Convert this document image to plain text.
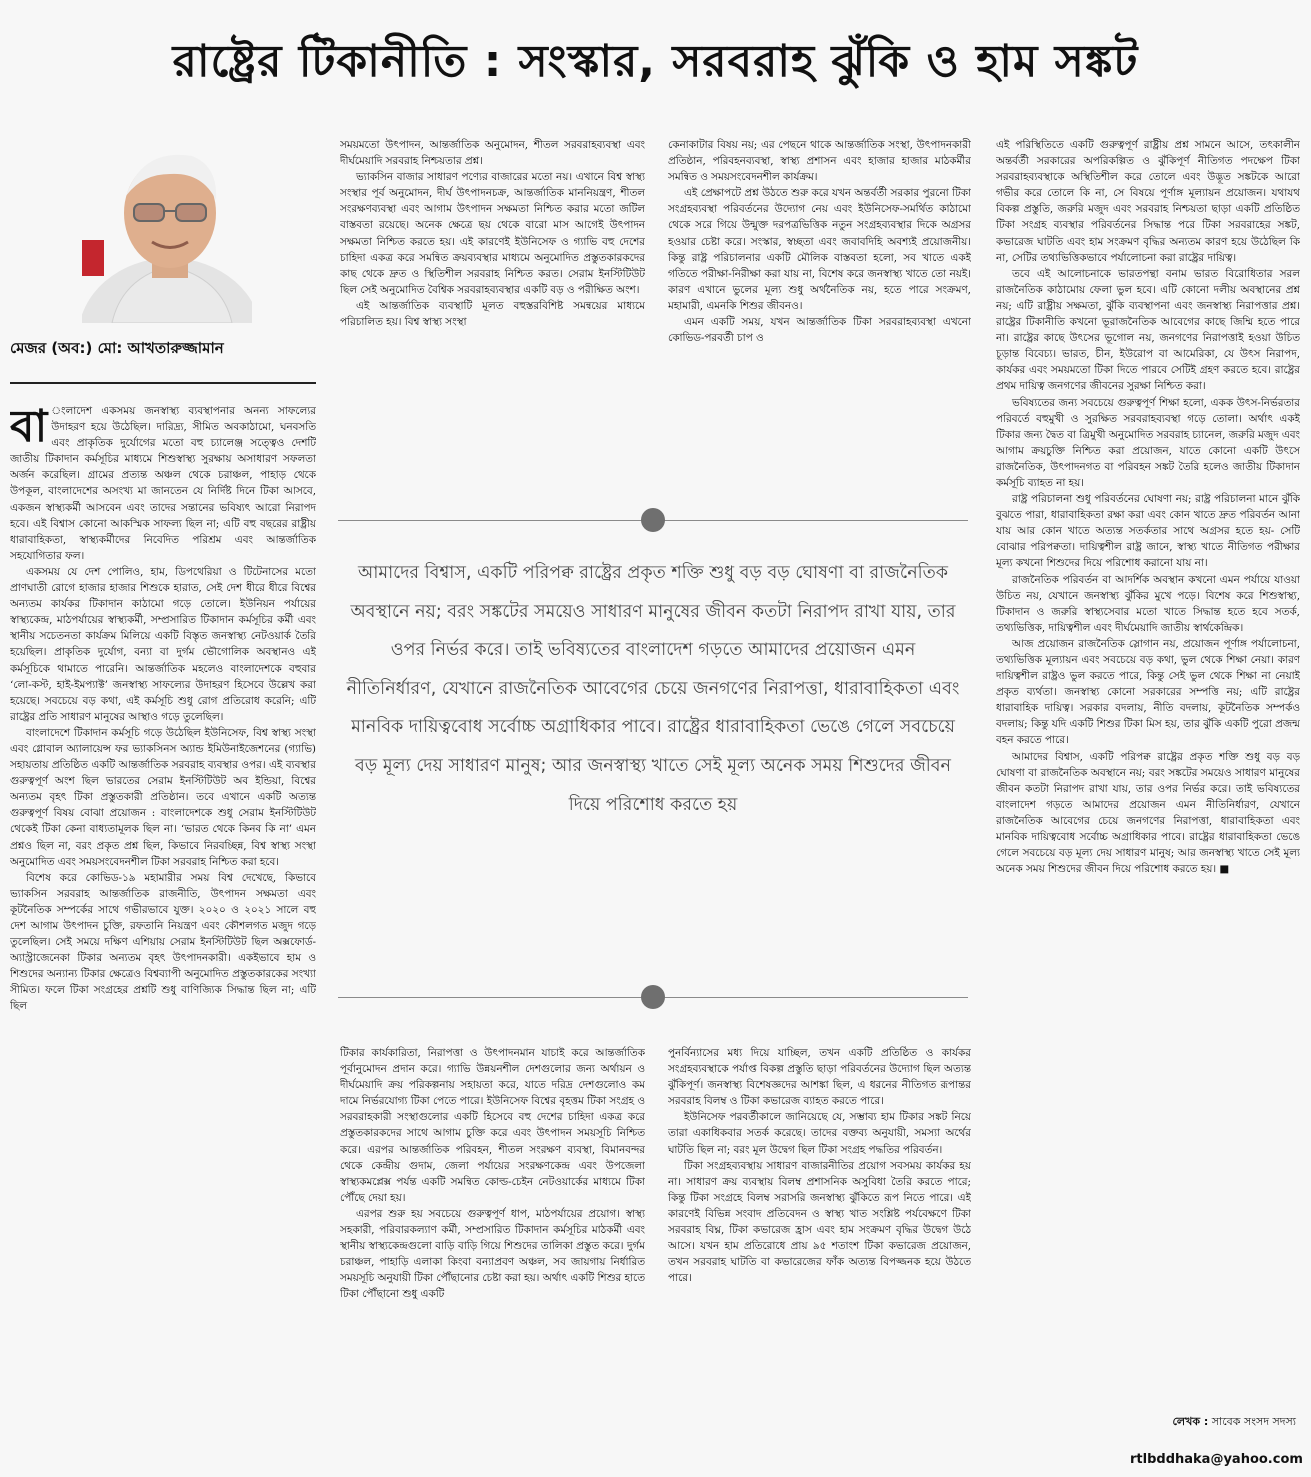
রাষ্ট্রের টিকানীতি : সংস্কার, সরবরাহ ঝুঁকি ও হাম সঙ্কট
মেজর (অব:) মো: আখতারুজ্জামান

বা ংলাদেশ একসময় জনস্বাস্থ্য ব্যবস্থাপনার অনন্য সাফল্যের উদাহরণ হয়ে উঠেছিল। দারিদ্র্য, সীমিত অবকাঠামো, ঘনবসতি এবং প্রাকৃতিক দুর্যোগের মতো বহু চ্যালেঞ্জ সত্ত্বেও দেশটি জাতীয় টিকাদান কর্মসূচির মাধ্যমে শিশুস্বাস্থ্য সুরক্ষায় অসাধারণ সফলতা অর্জন করেছিল। গ্রামের প্রত্যন্ত অঞ্চল থেকে চরাঞ্চল, পাহাড় থেকে উপকূল, বাংলাদেশের অসংখ্য মা জানতেন যে নির্দিষ্ট দিনে টিকা আসবে, একজন স্বাস্থ্যকর্মী আসবেন এবং তাদের সন্তানের ভবিষ্যৎ আরো নিরাপদ হবে। এই বিশ্বাস কোনো আকস্মিক সাফল্য ছিল না; এটি বহু বছরের রাষ্ট্রীয় ধারাবাহিকতা, স্বাস্থ্যকর্মীদের নিবেদিত পরিশ্রম এবং আন্তর্জাতিক সহযোগিতার ফল।

একসময় যে দেশ পোলিও, হাম, ডিপথেরিয়া ও টিটেনাসের মতো প্রাণঘাতী রোগে হাজার হাজার শিশুকে হারাত, সেই দেশ ধীরে ধীরে বিশ্বের অন্যতম কার্যকর টিকাদান কাঠামো গড়ে তোলে। ইউনিয়ন পর্যায়ের স্বাস্থ্যকেন্দ্র, মাঠপর্যায়ের স্বাস্থ্যকর্মী, সম্প্রসারিত টিকাদান কর্মসূচির কর্মী এবং স্থানীয় সচেতনতা কার্যক্রম মিলিয়ে একটি বিস্তৃত জনস্বাস্থ্য নেটওয়ার্ক তৈরি হয়েছিল। প্রাকৃতিক দুর্যোগ, বন্যা বা দুর্গম ভৌগোলিক অবস্থানও এই কর্মসূচিকে থামাতে পারেনি। আন্তর্জাতিক মহলেও বাংলাদেশকে বহুবার ‘লো-কস্ট, হাই-ইমপ্যাক্ট’ জনস্বাস্থ্য সাফল্যের উদাহরণ হিসেবে উল্লেখ করা হয়েছে। সবচেয়ে বড় কথা, এই কর্মসূচি শুধু রোগ প্রতিরোধ করেনি; এটি রাষ্ট্রের প্রতি সাধারণ মানুষের আস্থাও গড়ে তুলেছিল।

বাংলাদেশে টিকাদান কর্মসূচি গড়ে উঠেছিল ইউনিসেফ, বিশ্ব স্বাস্থ্য সংস্থা এবং গ্লোবাল অ্যালায়েন্স ফর ভ্যাকসিনস অ্যান্ড ইমিউনাইজেশনের (গ্যাভি) সহায়তায় প্রতিষ্ঠিত একটি আন্তর্জাতিক সরবরাহ ব্যবস্থার ওপর। এই ব্যবস্থার গুরুত্বপূর্ণ অংশ ছিল ভারতের সেরাম ইনস্টিটিউট অব ইন্ডিয়া, বিশ্বের অন্যতম বৃহৎ টিকা প্রস্তুতকারী প্রতিষ্ঠান। তবে এখানে একটি অত্যন্ত গুরুত্বপূর্ণ বিষয় বোঝা প্রয়োজন : বাংলাদেশকে শুধু সেরাম ইনস্টিটিউট থেকেই টিকা কেনা বাধ্যতামূলক ছিল না। ‘ভারত থেকে কিনব কি না’ এমন প্রশ্নও ছিল না, বরং প্রকৃত প্রশ্ন ছিল, কিভাবে নিরবচ্ছিন্ন, বিশ্ব স্বাস্থ্য সংস্থা অনুমোদিত এবং সময়সংবেদনশীল টিকা সরবরাহ নিশ্চিত করা হবে।

বিশেষ করে কোভিড-১৯ মহামারীর সময় বিশ্ব দেখেছে, কিভাবে ভ্যাকসিন সরবরাহ আন্তর্জাতিক রাজনীতি, উৎপাদন সক্ষমতা এবং কূটনৈতিক সম্পর্কের সাথে গভীরভাবে যুক্ত। ২০২০ ও ২০২১ সালে বহু দেশ আগাম উৎপাদন চুক্তি, রফতানি নিয়ন্ত্রণ এবং কৌশলগত মজুদ গড়ে তুলেছিল। সেই সময়ে দক্ষিণ এশিয়ায় সেরাম ইনস্টিটিউট ছিল অক্সফোর্ড-অ্যাস্ট্রাজেনেকা টিকার অন্যতম বৃহৎ উৎপাদনকারী। একইভাবে হাম ও শিশুদের অন্যান্য টিকার ক্ষেত্রেও বিশ্বব্যাপী অনুমোদিত প্রস্তুতকারকের সংখ্যা সীমিত। ফলে টিকা সংগ্রহের প্রশ্নটি শুধু বাণিজ্যিক সিদ্ধান্ত ছিল না; এটি ছিল

সময়মতো উৎপাদন, আন্তর্জাতিক অনুমোদন, শীতল সরবরাহব্যবস্থা এবং দীর্ঘমেয়াদি সরবরাহ নিশ্চয়তার প্রশ্ন।

ভ্যাকসিন বাজার সাধারণ পণ্যের বাজারের মতো নয়। এখানে বিশ্ব স্বাস্থ্য সংস্থার পূর্ব অনুমোদন, দীর্ঘ উৎপাদনচক্র, আন্তর্জাতিক মাননিয়ন্ত্রণ, শীতল সংরক্ষণব্যবস্থা এবং আগাম উৎপাদন সক্ষমতা নিশ্চিত করার মতো জটিল বাস্তবতা রয়েছে। অনেক ক্ষেত্রে ছয় থেকে বারো মাস আগেই উৎপাদন সক্ষমতা নিশ্চিত করতে হয়। এই কারণেই ইউনিসেফ ও গ্যাভি বহু দেশের চাহিদা একত্র করে সমন্বিত ক্রয়ব্যবস্থার মাধ্যমে অনুমোদিত প্রস্তুতকারকদের কাছ থেকে দ্রুত ও স্থিতিশীল সরবরাহ নিশ্চিত করত। সেরাম ইনস্টিটিউট ছিল সেই অনুমোদিত বৈশ্বিক সরবরাহব্যবস্থার একটি বড় ও পরীক্ষিত অংশ।

এই আন্তর্জাতিক ব্যবস্থাটি মূলত বহুস্তরবিশিষ্ট সমন্বয়ের মাধ্যমে পরিচালিত হয়। বিশ্ব স্বাস্থ্য সংস্থা

কেনাকাটার বিষয় নয়; এর পেছনে থাকে আন্তর্জাতিক সংস্থা, উৎপাদনকারী প্রতিষ্ঠান, পরিবহনব্যবস্থা, স্বাস্থ্য প্রশাসন এবং হাজার হাজার মাঠকর্মীর সমন্বিত ও সময়সংবেদনশীল কার্যক্রম।

এই প্রেক্ষাপটে প্রশ্ন উঠতে শুরু করে যখন অন্তর্বর্তী সরকার পুরনো টিকা সংগ্রহব্যবস্থা পরিবর্তনের উদ্যোগ নেয় এবং ইউনিসেফ-সমর্থিত কাঠামো থেকে সরে গিয়ে উন্মুক্ত দরপত্রভিত্তিক নতুন সংগ্রহব্যবস্থার দিকে অগ্রসর হওয়ার চেষ্টা করে। সংস্কার, স্বচ্ছতা এবং জবাবদিহি অবশ্যই প্রয়োজনীয়। কিন্তু রাষ্ট্র পরিচালনার একটি মৌলিক বাস্তবতা হলো, সব খাতে একই গতিতে পরীক্ষা-নিরীক্ষা করা যায় না, বিশেষ করে জনস্বাস্থ্য খাতে তো নয়ই। কারণ এখানে ভুলের মূল্য শুধু অর্থনৈতিক নয়, হতে পারে সংক্রমণ, মহামারী, এমনকি শিশুর জীবনও।

এমন একটি সময়, যখন আন্তর্জাতিক টিকা সরবরাহব্যবস্থা এখনো কোভিড-পরবর্তী চাপ ও

আমাদের বিশ্বাস, একটি পরিপক্ব রাষ্ট্রের প্রকৃত শক্তি শুধু বড় বড় ঘোষণা বা রাজনৈতিক অবস্থানে নয়; বরং সঙ্কটের সময়েও সাধারণ মানুষের জীবন কতটা নিরাপদ রাখা যায়, তার ওপর নির্ভর করে। তাই ভবিষ্যতের বাংলাদেশ গড়তে আমাদের প্রয়োজন এমন নীতিনির্ধারণ, যেখানে রাজনৈতিক আবেগের চেয়ে জনগণের নিরাপত্তা, ধারাবাহিকতা এবং মানবিক দায়িত্ববোধ সর্বোচ্চ অগ্রাধিকার পাবে। রাষ্ট্রের ধারাবাহিকতা ভেঙে গেলে সবচেয়ে বড় মূল্য দেয় সাধারণ মানুষ; আর জনস্বাস্থ্য খাতে সেই মূল্য অনেক সময় শিশুদের জীবন দিয়ে পরিশোধ করতে হয়

টিকার কার্যকারিতা, নিরাপত্তা ও উৎপাদনমান যাচাই করে আন্তর্জাতিক পূর্বানুমোদন প্রদান করে। গ্যাভি উন্নয়নশীল দেশগুলোর জন্য অর্থায়ন ও দীর্ঘমেয়াদি ক্রয় পরিকল্পনায় সহায়তা করে, যাতে দরিদ্র দেশগুলোও কম দামে নির্ভরযোগ্য টিকা পেতে পারে। ইউনিসেফ বিশ্বের বৃহত্তম টিকা সংগ্রহ ও সরবরাহকারী সংস্থাগুলোর একটি হিসেবে বহু দেশের চাহিদা একত্র করে প্রস্তুতকারকদের সাথে আগাম চুক্তি করে এবং উৎপাদন সময়সূচি নিশ্চিত করে। এরপর আন্তর্জাতিক পরিবহন, শীতল সংরক্ষণ ব্যবস্থা, বিমানবন্দর থেকে কেন্দ্রীয় গুদাম, জেলা পর্যায়ের সংরক্ষণকেন্দ্র এবং উপজেলা স্বাস্থ্যকমপ্লেক্স পর্যন্ত একটি সমন্বিত কোল্ড-চেইন নেটওয়ার্কের মাধ্যমে টিকা পৌঁছে দেয়া হয়।

এরপর শুরু হয় সবচেয়ে গুরুত্বপূর্ণ ধাপ, মাঠপর্যায়ের প্রয়োগ। স্বাস্থ্য সহকারী, পরিবারকল্যাণ কর্মী, সম্প্রসারিত টিকাদান কর্মসূচির মাঠকর্মী এবং স্থানীয় স্বাস্থ্যকেন্দ্রগুলো বাড়ি বাড়ি গিয়ে শিশুদের তালিকা প্রস্তুত করে। দুর্গম চরাঞ্চল, পাহাড়ি এলাকা কিংবা বন্যাপ্রবণ অঞ্চল, সব জায়গায় নির্ধারিত সময়সূচি অনুযায়ী টিকা পৌঁছানোর চেষ্টা করা হয়। অর্থাৎ একটি শিশুর হাতে টিকা পৌঁছানো শুধু একটি

পুনর্বিন্যাসের মধ্য দিয়ে যাচ্ছিল, তখন একটি প্রতিষ্ঠিত ও কার্যকর সংগ্রহব্যবস্থাকে পর্যাপ্ত বিকল্প প্রস্তুতি ছাড়া পরিবর্তনের উদ্যোগ ছিল অত্যন্ত ঝুঁকিপূর্ণ। জনস্বাস্থ্য বিশেষজ্ঞদের আশঙ্কা ছিল, এ ধরনের নীতিগত রূপান্তর সরবরাহ বিলম্ব ও টিকা কভারেজ ব্যাহত করতে পারে।

ইউনিসেফ পরবর্তীকালে জানিয়েছে যে, সম্ভাব্য হাম টিকার সঙ্কট নিয়ে তারা একাধিকবার সতর্ক করেছে। তাদের বক্তব্য অনুযায়ী, সমস্যা অর্থের ঘাটতি ছিল না; বরং মূল উদ্বেগ ছিল টিকা সংগ্রহ পদ্ধতির পরিবর্তন।

টিকা সংগ্রহব্যবস্থায় সাধারণ বাজারনীতির প্রয়োগ সবসময় কার্যকর হয় না। সাধারণ ক্রয় ব্যবস্থায় বিলম্ব প্রশাসনিক অসুবিধা তৈরি করতে পারে; কিন্তু টিকা সংগ্রহে বিলম্ব সরাসরি জনস্বাস্থ্য ঝুঁকিতে রূপ নিতে পারে। এই কারণেই বিভিন্ন সংবাদ প্রতিবেদন ও স্বাস্থ্য খাত সংশ্লিষ্ট পর্যবেক্ষণে টিকা সরবরাহ বিঘ্ন, টিকা কভারেজ হ্রাস এবং হাম সংক্রমণ বৃদ্ধির উদ্বেগ উঠে আসে। যখন হাম প্রতিরোধে প্রায় ৯৫ শতাংশ টিকা কভারেজ প্রয়োজন, তখন সরবরাহ ঘাটতি বা কভারেজের ফাঁক অত্যন্ত বিপজ্জনক হয়ে উঠতে পারে।

এই পরিস্থিতিতে একটি গুরুত্বপূর্ণ রাষ্ট্রীয় প্রশ্ন সামনে আসে, তৎকালীন অন্তর্বর্তী সরকারের অপরিকল্পিত ও ঝুঁকিপূর্ণ নীতিগত পদক্ষেপ টিকা সরবরাহব্যবস্থাকে অস্থিতিশীল করে তোলে এবং উদ্ভূত সঙ্কটকে আরো গভীর করে তোলে কি না, সে বিষয়ে পূর্ণাঙ্গ মূল্যায়ন প্রয়োজন। যথাযথ বিকল্প প্রস্তুতি, জরুরি মজুদ এবং সরবরাহ নিশ্চয়তা ছাড়া একটি প্রতিষ্ঠিত টিকা সংগ্রহ ব্যবস্থার পরিবর্তনের সিদ্ধান্ত পরে টিকা সরবরাহের সঙ্কট, কভারেজ ঘাটতি এবং হাম সংক্রমণ বৃদ্ধির অন্যতম কারণ হয়ে উঠেছিল কি না, সেটির তথ্যভিত্তিকভাবে পর্যালোচনা করা রাষ্ট্রের দায়িত্ব।

তবে এই আলোচনাকে ভারতপন্থা বনাম ভারত বিরোধিতার সরল রাজনৈতিক কাঠামোয় ফেলা ভুল হবে। এটি কোনো দলীয় অবস্থানের প্রশ্ন নয়; এটি রাষ্ট্রীয় সক্ষমতা, ঝুঁকি ব্যবস্থাপনা এবং জনস্বাস্থ্য নিরাপত্তার প্রশ্ন। রাষ্ট্রের টিকানীতি কখনো ভূরাজনৈতিক আবেগের কাছে জিম্মি হতে পারে না। রাষ্ট্রের কাছে উৎসের ভূগোল নয়, জনগণের নিরাপত্তাই হওয়া উচিত চূড়ান্ত বিবেচ্য। ভারত, চীন, ইউরোপ বা আমেরিকা, যে উৎস নিরাপদ, কার্যকর এবং সময়মতো টিকা দিতে পারবে সেটিই গ্রহণ করতে হবে। রাষ্ট্রের প্রথম দায়িত্ব জনগণের জীবনের সুরক্ষা নিশ্চিত করা।

ভবিষ্যতের জন্য সবচেয়ে গুরুত্বপূর্ণ শিক্ষা হলো, একক উৎস-নির্ভরতার পরিবর্তে বহুমুখী ও সুরক্ষিত সরবরাহব্যবস্থা গড়ে তোলা। অর্থাৎ একই টিকার জন্য দ্বৈত বা ত্রিমুখী অনুমোদিত সরবরাহ চ্যানেল, জরুরি মজুদ এবং আগাম ক্রয়চুক্তি নিশ্চিত করা প্রয়োজন, যাতে কোনো একটি উৎসে রাজনৈতিক, উৎপাদনগত বা পরিবহন সঙ্কট তৈরি হলেও জাতীয় টিকাদান কর্মসূচি ব্যাহত না হয়।

রাষ্ট্র পরিচালনা শুধু পরিবর্তনের ঘোষণা নয়; রাষ্ট্র পরিচালনা মানে ঝুঁকি বুঝতে পারা, ধারাবাহিকতা রক্ষা করা এবং কোন খাতে দ্রুত পরিবর্তন আনা যায় আর কোন খাতে অত্যন্ত সতর্কতার সাথে অগ্রসর হতে হয়- সেটি বোঝার পরিপক্বতা। দায়িত্বশীল রাষ্ট্র জানে, স্বাস্থ্য খাতে নীতিগত পরীক্ষার মূল্য কখনো শিশুদের দিয়ে পরিশোধ করানো যায় না।

রাজনৈতিক পরিবর্তন বা আদর্শিক অবস্থান কখনো এমন পর্যায়ে যাওয়া উচিত নয়, যেখানে জনস্বাস্থ্য ঝুঁকির মুখে পড়ে। বিশেষ করে শিশুস্বাস্থ্য, টিকাদান ও জরুরি স্বাস্থ্যসেবার মতো খাতে সিদ্ধান্ত হতে হবে সতর্ক, তথ্যভিত্তিক, দায়িত্বশীল এবং দীর্ঘমেয়াদি জাতীয় স্বার্থকেন্দ্রিক।

আজ প্রয়োজন রাজনৈতিক স্লোগান নয়, প্রয়োজন পূর্ণাঙ্গ পর্যালোচনা, তথ্যভিত্তিক মূল্যায়ন এবং সবচেয়ে বড় কথা, ভুল থেকে শিক্ষা নেয়া। কারণ দায়িত্বশীল রাষ্ট্রও ভুল করতে পারে, কিন্তু সেই ভুল থেকে শিক্ষা না নেয়াই প্রকৃত ব্যর্থতা। জনস্বাস্থ্য কোনো সরকারের সম্পত্তি নয়; এটি রাষ্ট্রের ধারাবাহিক দায়িত্ব। সরকার বদলায়, নীতি বদলায়, কূটনৈতিক সম্পর্কও বদলায়; কিন্তু যদি একটি শিশুর টিকা মিস হয়, তার ঝুঁকি একটি পুরো প্রজন্ম বহন করতে পারে।

আমাদের বিশ্বাস, একটি পরিপক্ব রাষ্ট্রের প্রকৃত শক্তি শুধু বড় বড় ঘোষণা বা রাজনৈতিক অবস্থানে নয়; বরং সঙ্কটের সময়েও সাধারণ মানুষের জীবন কতটা নিরাপদ রাখা যায়, তার ওপর নির্ভর করে। তাই ভবিষ্যতের বাংলাদেশ গড়তে আমাদের প্রয়োজন এমন নীতিনির্ধারণ, যেখানে রাজনৈতিক আবেগের চেয়ে জনগণের নিরাপত্তা, ধারাবাহিকতা এবং মানবিক দায়িত্ববোধ সর্বোচ্চ অগ্রাধিকার পাবে। রাষ্ট্রের ধারাবাহিকতা ভেঙে গেলে সবচেয়ে বড় মূল্য দেয় সাধারণ মানুষ; আর জনস্বাস্থ্য খাতে সেই মূল্য অনেক সময় শিশুদের জীবন দিয়ে পরিশোধ করতে হয়। ■

লেখক : সাবেক সংসদ সদস্য
rtlbddhaka@yahoo.com
